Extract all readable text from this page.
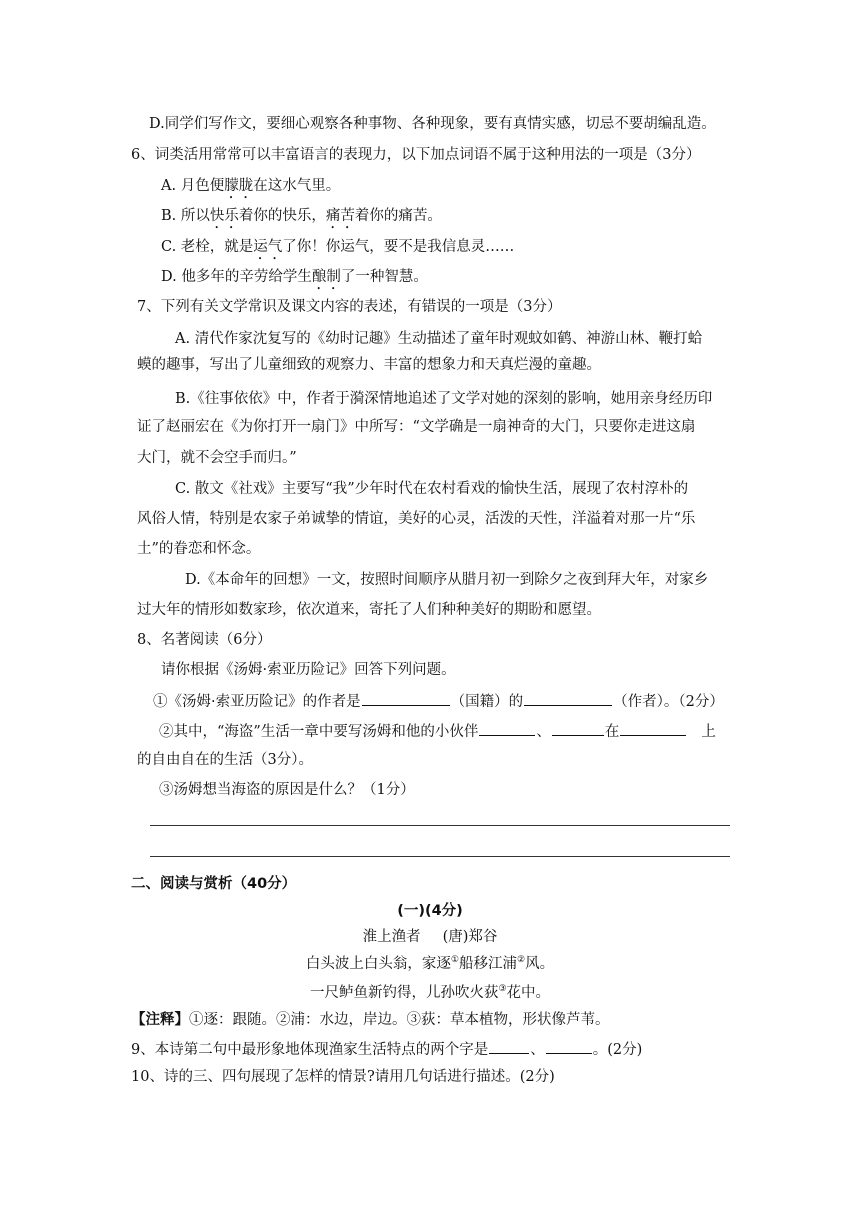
D.同学们写作文，要细心观察各种事物、各种现象，要有真情实感，切忌不要胡编乱造。
6、词类活用常常可以丰富语言的表现力，以下加点词语不属于这种用法的一项是（3分）
A. 月色便朦胧在这水气里。
B. 所以快乐着你的快乐，痛苦着你的痛苦。
C. 老栓，就是运气了你！你运气，要不是我信息灵……
D. 他多年的辛劳给学生酿制了一种智慧。
7、下列有关文学常识及课文内容的表述，有错误的一项是（3分）
A. 清代作家沈复写的《幼时记趣》生动描述了童年时观蚊如鹤、神游山林、鞭打蛤
蟆的趣事，写出了儿童细致的观察力、丰富的想象力和天真烂漫的童趣。
B.《往事依依》中，作者于漪深情地追述了文学对她的深刻的影响，她用亲身经历印
证了赵丽宏在《为你打开一扇门》中所写：“文学确是一扇神奇的大门，只要你走进这扇
大门，就不会空手而归。”
C. 散文《社戏》主要写“我”少年时代在农村看戏的愉快生活，展现了农村淳朴的
风俗人情，特别是农家子弟诚挚的情谊，美好的心灵，活泼的天性，洋溢着对那一片“乐
土”的眷恋和怀念。
D.《本命年的回想》一文，按照时间顺序从腊月初一到除夕之夜到拜大年，对家乡
过大年的情形如数家珍，依次道来，寄托了人们种种美好的期盼和愿望。
8、名著阅读（6分）
请你根据《汤姆·索亚历险记》回答下列问题。
①《汤姆·索亚历险记》的作者是	（国籍）的	（作者）。（2分）
②其中，“海盗”生活一章中要写汤姆和他的小伙伴	、	在	上
的自由自在的生活（3分）。
③汤姆想当海盗的原因是什么？（1分）
二、阅读与赏析（40分）
(一)(4分)
淮上渔者 (唐)郑谷
白头波上白头翁，家逐①船移江浦②风。
一尺鲈鱼新钓得，儿孙吹火荻③花中。
【注释】①逐：跟随。②浦：水边，岸边。③荻：草本植物，形状像芦苇。
9、本诗第二句中最形象地体现渔家生活特点的两个字是	、	。(2分)
10、诗的三、四句展现了怎样的情景?请用几句话进行描述。(2分)
